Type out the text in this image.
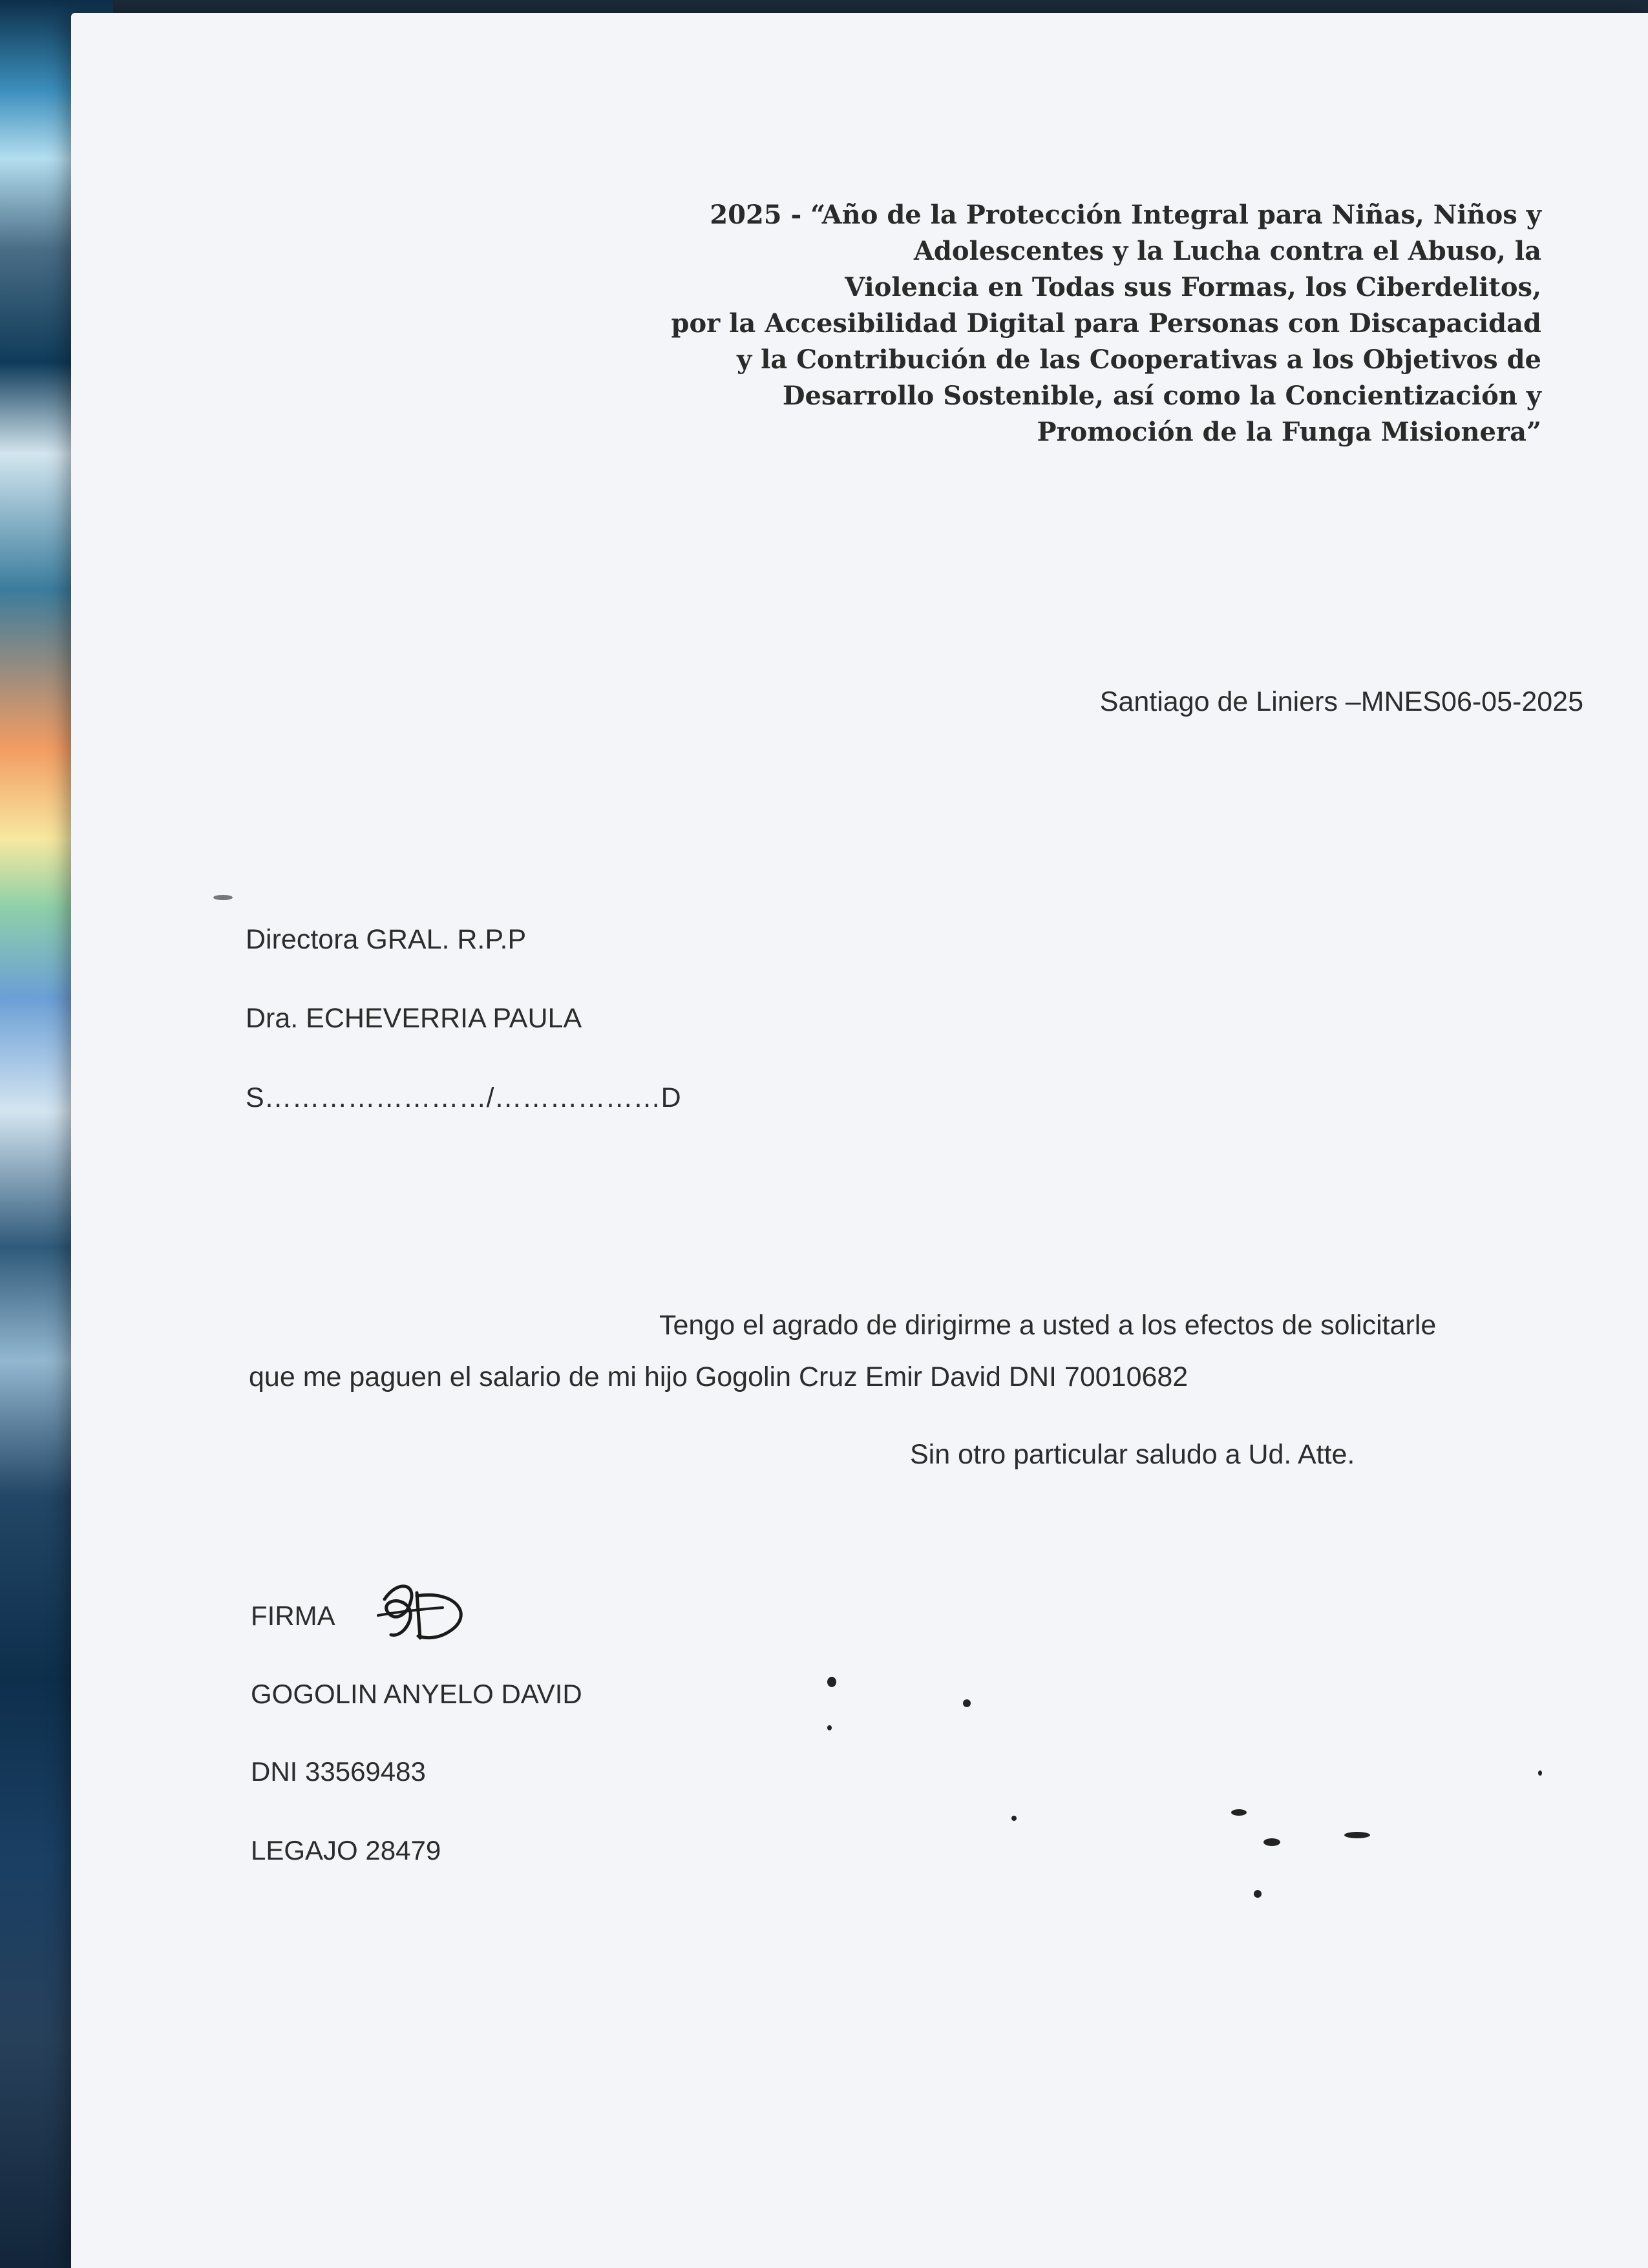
2025 - “Año de la Protección Integral para Niñas, Niños y
Adolescentes y la Lucha contra el Abuso, la
Violencia en Todas sus Formas, los Ciberdelitos,
por la Accesibilidad Digital para Personas con Discapacidad
y la Contribución de las Cooperativas a los Objetivos de
Desarrollo Sostenible, así como la Concientización y
Promoción de la Funga Misionera”

Santiago de Liniers –MNES06-05-2025
Directora GRAL. R.P.P
Dra. ECHEVERRIA PAULA
S……………………/………………D
Tengo el agrado de dirigirme a usted a los efectos de solicitarle
que me paguen el salario de mi hijo Gogolin Cruz Emir David DNI 70010682
Sin otro particular saludo a Ud. Atte.
FIRMA
GOGOLIN ANYELO DAVID
DNI 33569483
LEGAJO 28479
